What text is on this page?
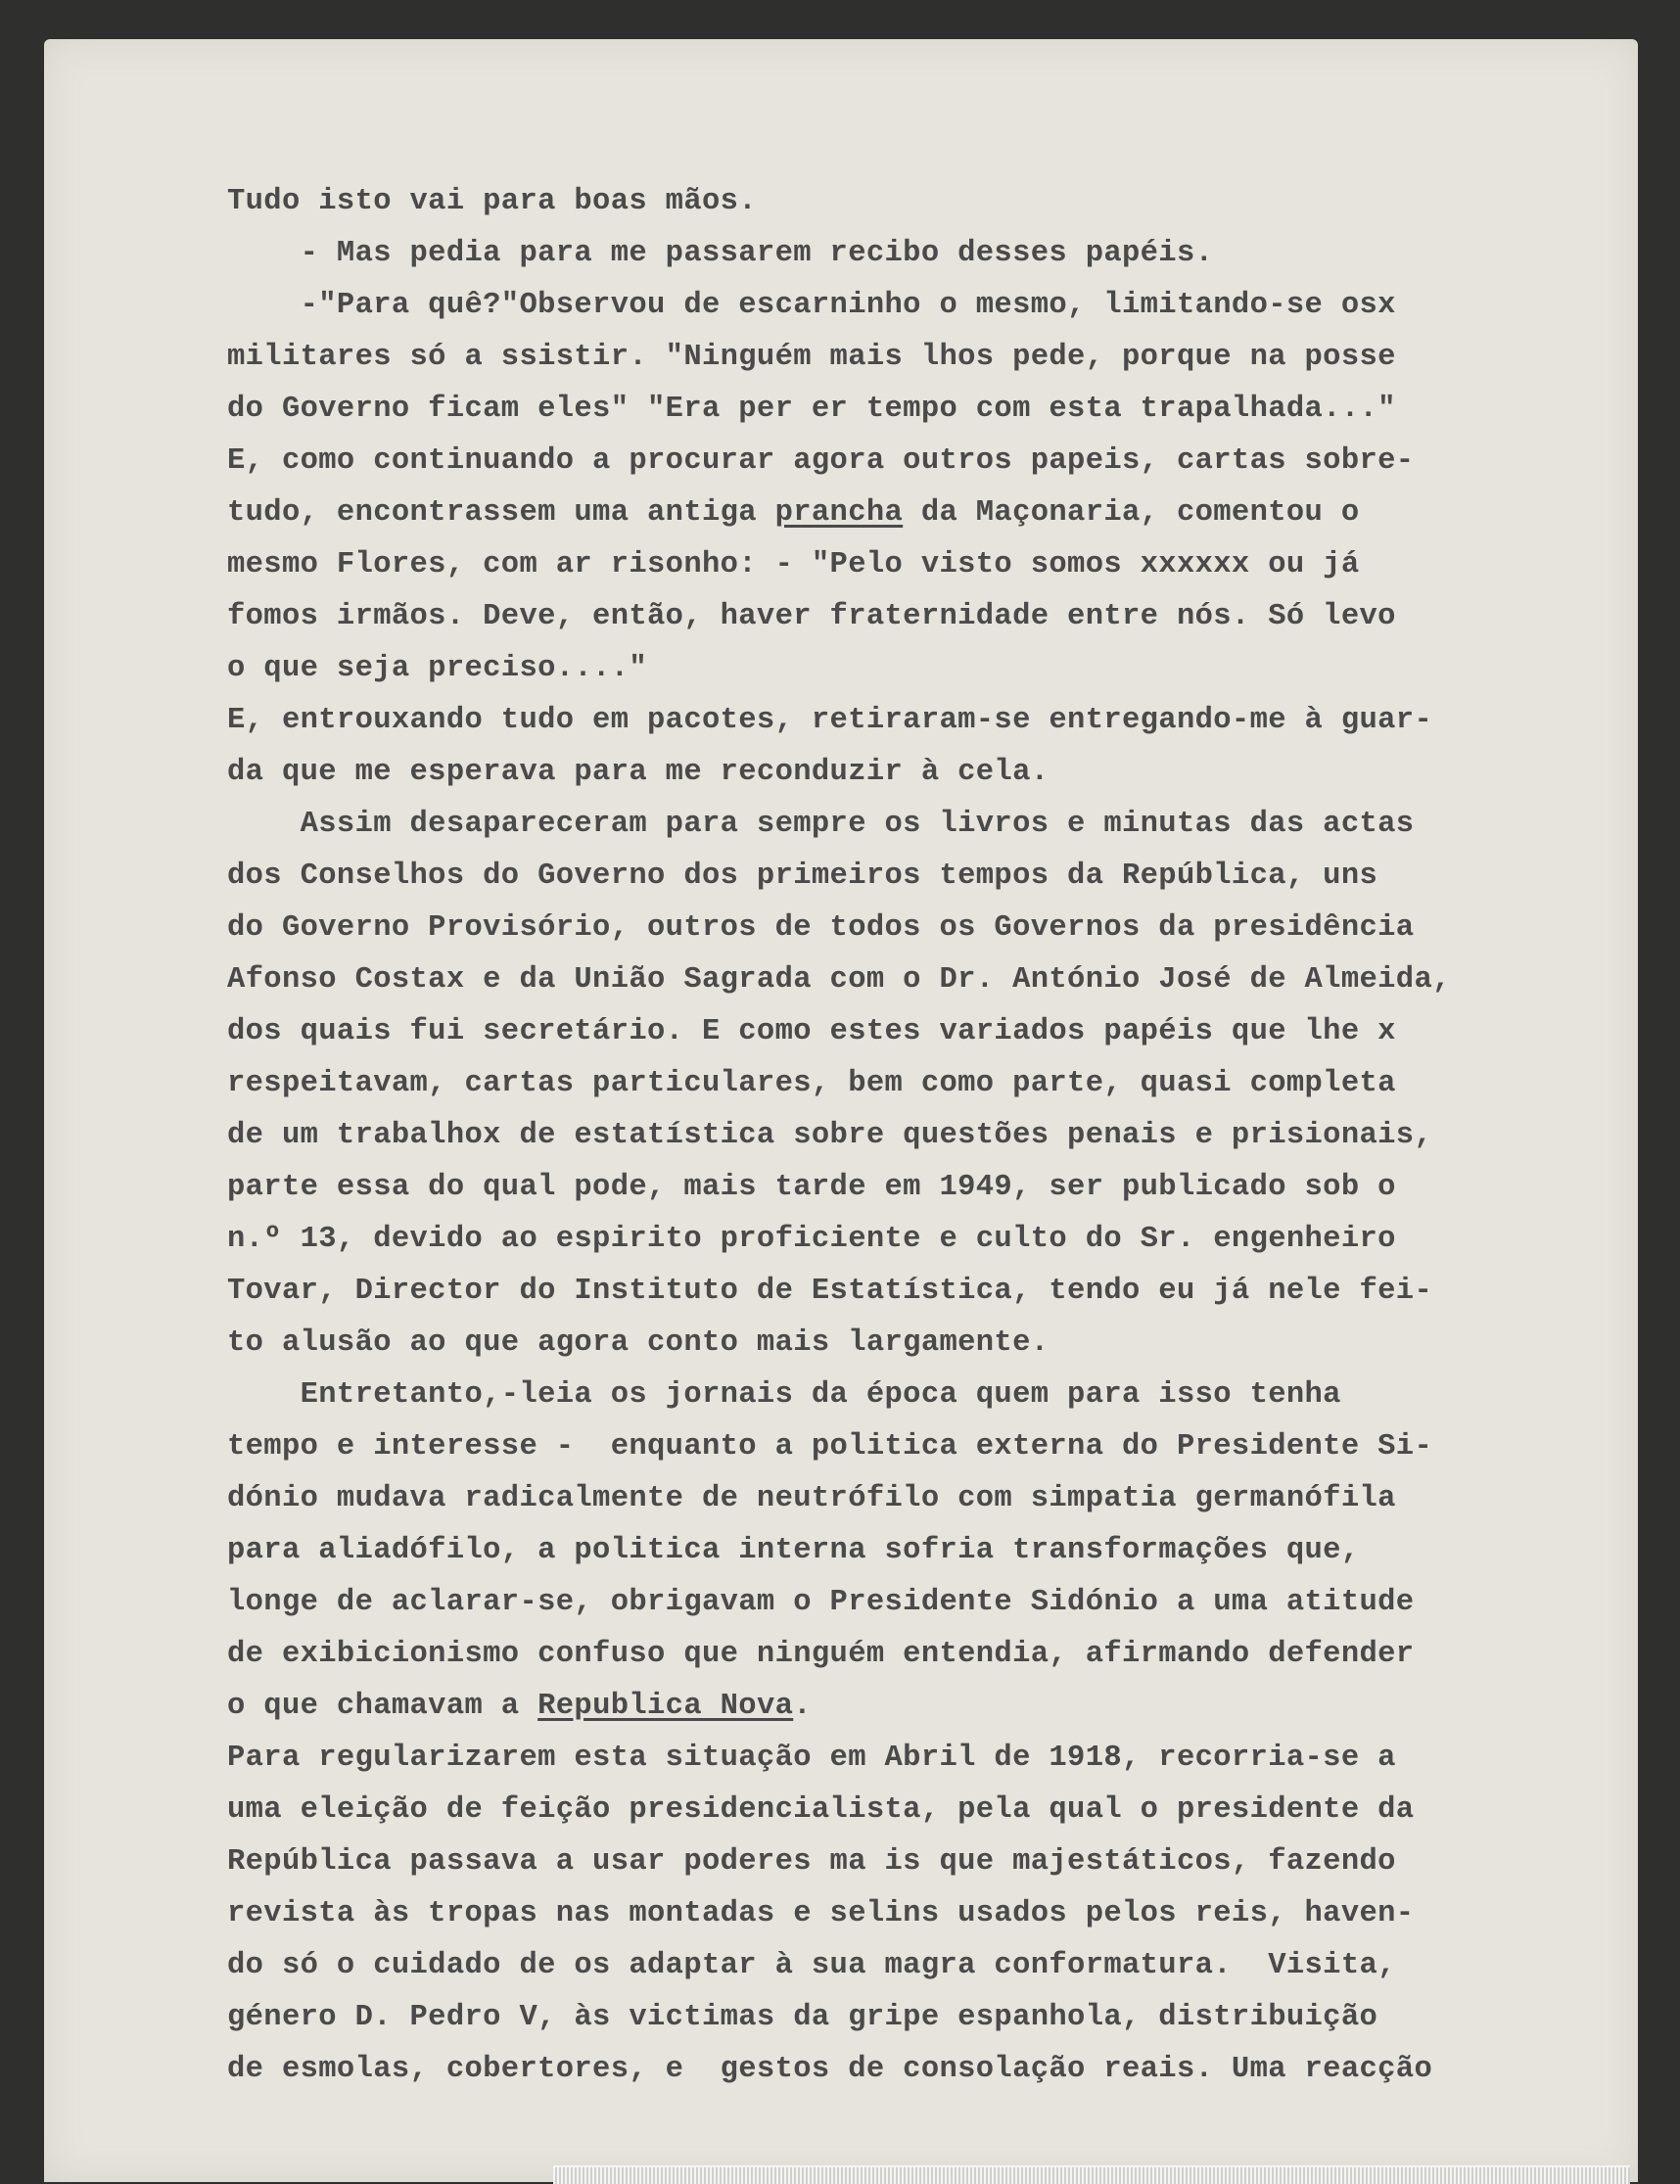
Tudo isto vai para boas mãos.
- Mas pedia para me passarem recibo desses papéis.
-"Para quê?"Observou de escarninho o mesmo, limitando-se osx
militares só a ssistir. "Ninguém mais lhos pede, porque na posse
do Governo ficam eles" "Era per er tempo com esta trapalhada..."
E, como continuando a procurar agora outros papeis, cartas sobre-
tudo, encontrassem uma antiga prancha da Maçonaria, comentou o
mesmo Flores, com ar risonho: - "Pelo visto somos xxxxxx ou já
fomos irmãos. Deve, então, haver fraternidade entre nós. Só levo
o que seja preciso...."
E, entrouxando tudo em pacotes, retiraram-se entregando-me à guar-
da que me esperava para me reconduzir à cela.
Assim desapareceram para sempre os livros e minutas das actas
dos Conselhos do Governo dos primeiros tempos da República, uns
do Governo Provisório, outros de todos os Governos da presidência
Afonso Costax e da União Sagrada com o Dr. António José de Almeida,
dos quais fui secretário. E como estes variados papéis que lhe x
respeitavam, cartas particulares, bem como parte, quasi completa
de um trabalhox de estatística sobre questões penais e prisionais,
parte essa do qual pode, mais tarde em 1949, ser publicado sob o
n.º 13, devido ao espirito proficiente e culto do Sr. engenheiro
Tovar, Director do Instituto de Estatística, tendo eu já nele fei-
to alusão ao que agora conto mais largamente.
Entretanto,-leia os jornais da época quem para isso tenha
tempo e interesse -  enquanto a politica externa do Presidente Si-
dónio mudava radicalmente de neutrófilo com simpatia germanófila
para aliadófilo, a politica interna sofria transformações que,
longe de aclarar-se, obrigavam o Presidente Sidónio a uma atitude
de exibicionismo confuso que ninguém entendia, afirmando defender
o que chamavam a Republica Nova.
Para regularizarem esta situação em Abril de 1918, recorria-se a
uma eleição de feição presidencialista, pela qual o presidente da
República passava a usar poderes ma is que majestáticos, fazendo
revista às tropas nas montadas e selins usados pelos reis, haven-
do só o cuidado de os adaptar à sua magra conformatura.  Visita,
género D. Pedro V, às victimas da gripe espanhola, distribuição
de esmolas, cobertores, e  gestos de consolação reais. Uma reacção
